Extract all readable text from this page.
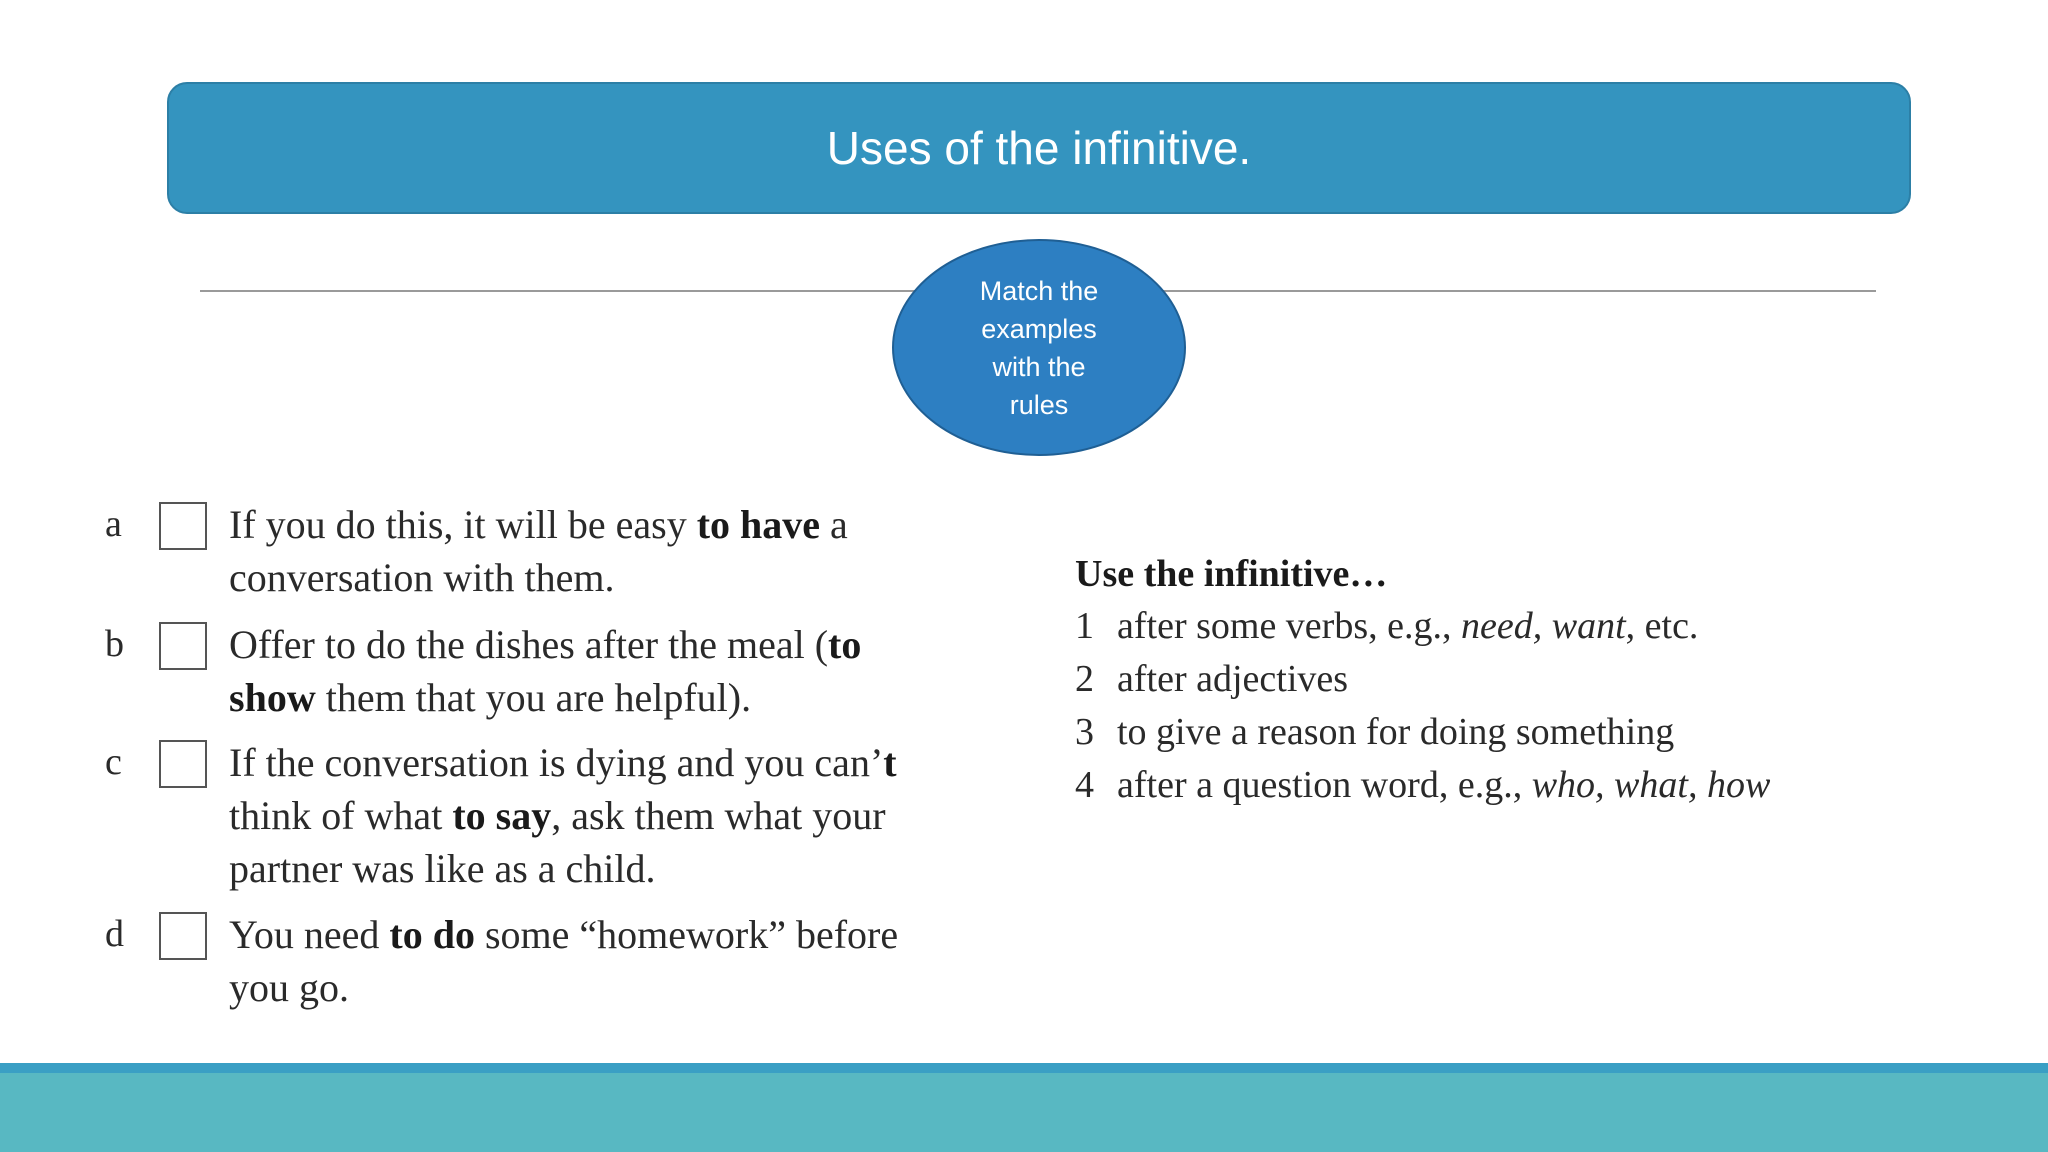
Uses of the infinitive.
Match the examples with the rules
a	If you do this, it will be easy to have a conversation with them.
b	Offer to do the dishes after the meal (to show them that you are helpful).
c	If the conversation is dying and you can’t think of what to say, ask them what your partner was like as a child.
d	You need to do some “homework” before you go.
Use the infinitive…
1 after some verbs, e.g., need, want, etc.
2 after adjectives
3 to give a reason for doing something
4 after a question word, e.g., who, what, how
